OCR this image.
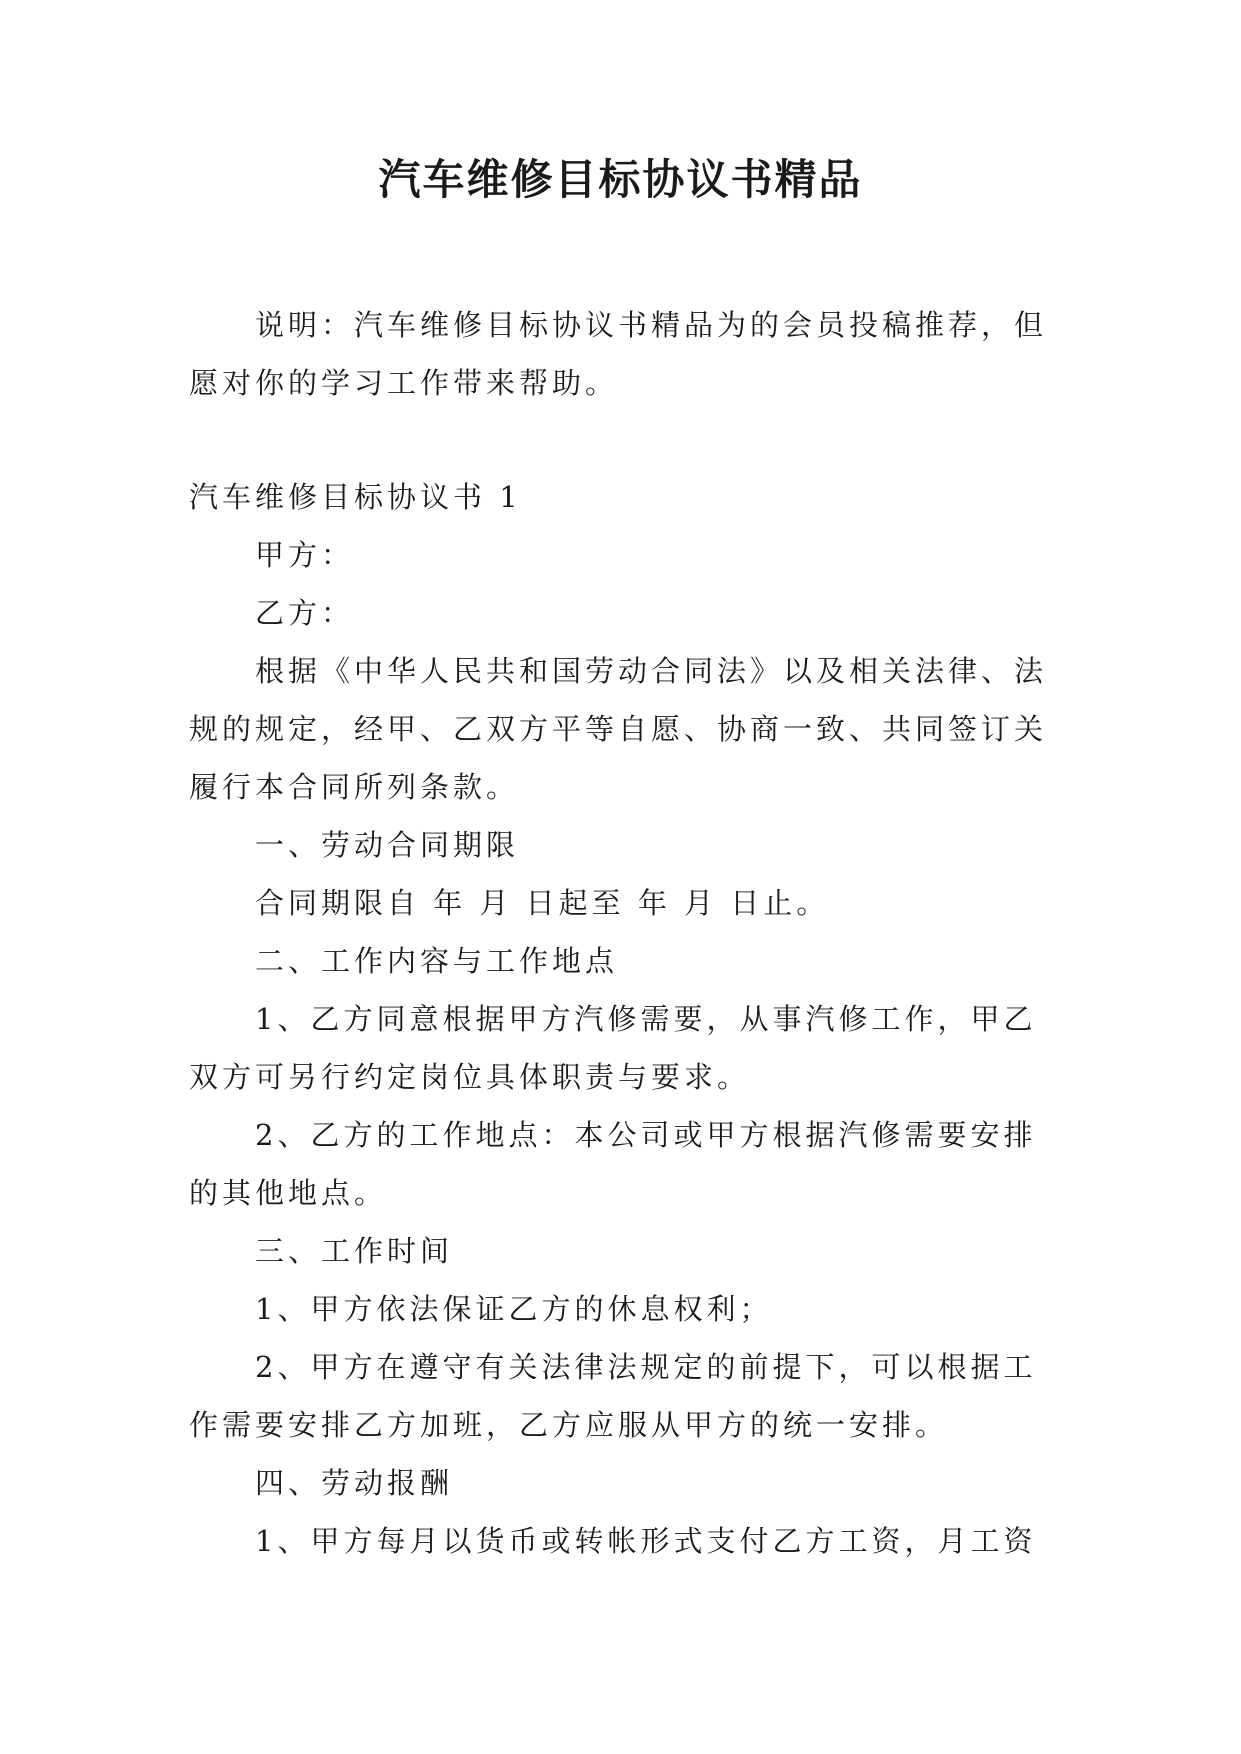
汽车维修目标协议书精品

说明：汽车维修目标协议书精品为的会员投稿推荐，但愿对你的学习工作带来帮助。

汽车维修目标协议书 1

甲方：

乙方：

根据《中华人民共和国劳动合同法》以及相关法律、法规的规定，经甲、乙双方平等自愿、协商一致、共同签订关履行本合同所列条款。

一、劳动合同期限

合同期限自 年 月 日起至 年 月 日止。

二、工作内容与工作地点

1、乙方同意根据甲方汽修需要，从事汽修工作，甲乙双方可另行约定岗位具体职责与要求。

2、乙方的工作地点：本公司或甲方根据汽修需要安排的其他地点。

三、工作时间

1、甲方依法保证乙方的休息权利；

2、甲方在遵守有关法律法规定的前提下，可以根据工作需要安排乙方加班，乙方应服从甲方的统一安排。

四、劳动报酬

1、甲方每月以货币或转帐形式支付乙方工资，月工资
